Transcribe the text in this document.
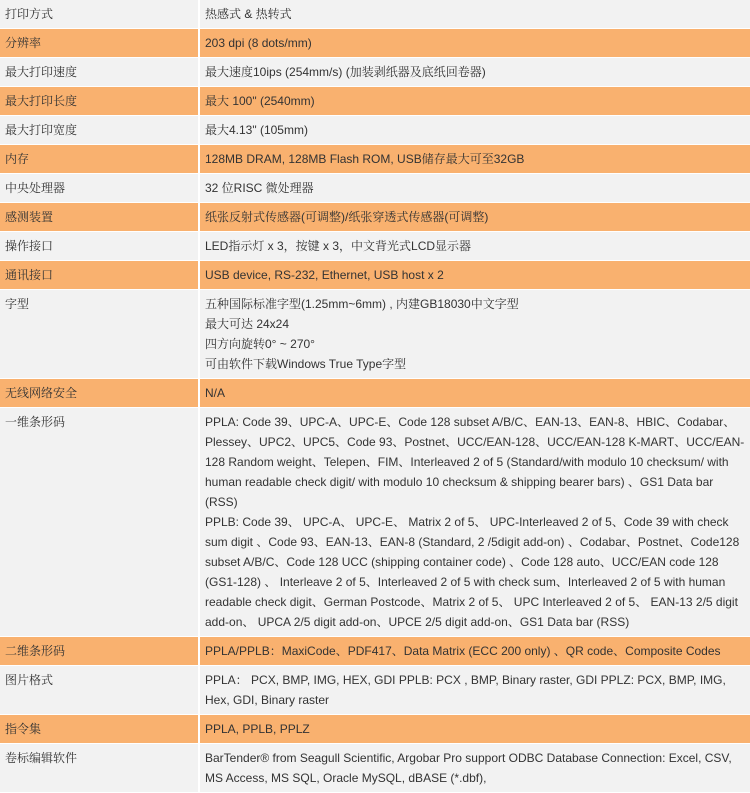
打印方式	热感式 & 热转式

分辨率	203 dpi (8 dots/mm)

最大打印速度	最大速度10ips (254mm/s) (加装剥纸器及底纸回卷器)

最大打印长度	最大 100" (2540mm)

最大打印宽度	最大4.13" (105mm)

内存	128MB DRAM, 128MB Flash ROM, USB储存最大可至32GB

中央处理器	32 位RISC 微处理器

感测装置	纸张反射式传感器(可调整)/纸张穿透式传感器(可调整)

操作接口	LED指示灯 x 3，按键 x 3，中文背光式LCD显示器

通讯接口	USB device, RS-232, Ethernet, USB host x 2

字型	五种国际标准字型(1.25mm~6mm) , 内建GB18030中文字型
最大可达 24x24
四方向旋转0° ~ 270°
可由软件下载Windows True Type字型

无线网络安全	N/A

一维条形码	PPLA: Code 39、UPC-A、UPC-E、Code 128 subset A/B/C、EAN-13、EAN-8、HBIC、Codabar、Plessey、UPC2、UPC5、Code 93、Postnet、UCC/EAN-128、UCC/EAN-128 K-MART、UCC/EAN-128 Random weight、Telepen、FIM、Interleaved 2 of 5 (Standard/with modulo 10 checksum/ with human readable check digit/ with modulo 10 checksum & shipping bearer bars) 、GS1 Data bar (RSS)
PPLB: Code 39、 UPC-A、 UPC-E、 Matrix 2 of 5、 UPC-Interleaved 2 of 5、Code 39 with check sum digit 、Code 93、EAN-13、EAN-8 (Standard, 2 /5digit add-on) 、Codabar、Postnet、Code128 subset A/B/C、Code 128 UCC (shipping container code) 、Code 128 auto、UCC/EAN code 128 (GS1-128) 、 Interleave 2 of 5、Interleaved 2 of 5 with check sum、Interleaved 2 of 5 with human readable check digit、German Postcode、Matrix 2 of 5、 UPC Interleaved 2 of 5、 EAN-13 2/5 digit add-on、 UPCA 2/5 digit add-on、UPCE 2/5 digit add-on、GS1 Data bar (RSS)

二维条形码	PPLA/PPLB：MaxiCode、PDF417、Data Matrix (ECC 200 only) 、QR code、Composite Codes

图片格式	PPLA： PCX, BMP, IMG, HEX, GDI PPLB: PCX , BMP, Binary raster, GDI PPLZ: PCX, BMP, IMG, Hex, GDI, Binary raster

指令集	PPLA, PPLB, PPLZ

卷标编辑软件	BarTender® from Seagull Scientific, Argobar Pro support ODBC Database Connection: Excel, CSV, MS Access, MS SQL, Oracle MySQL, dBASE (*.dbf),
